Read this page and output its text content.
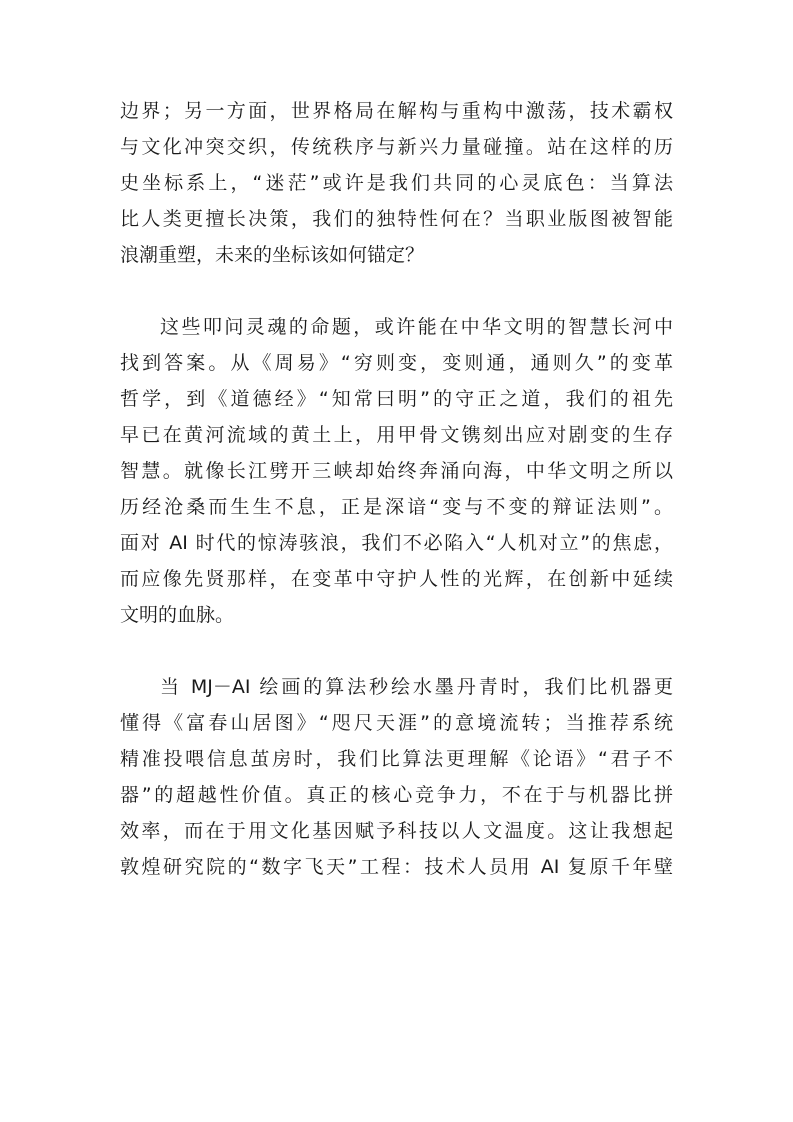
边界；另一方面，世界格局在解构与重构中激荡，技术霸权
与文化冲突交织，传统秩序与新兴力量碰撞。站在这样的历
史坐标系上，“迷茫”或许是我们共同的心灵底色：当算法
比人类更擅长决策，我们的独特性何在？当职业版图被智能
浪潮重塑，未来的坐标该如何锚定？

这些叩问灵魂的命题，或许能在中华文明的智慧长河中
找到答案。从《周易》“穷则变，变则通，通则久”的变革
哲学，到《道德经》“知常曰明”的守正之道，我们的祖先
早已在黄河流域的黄土上，用甲骨文镌刻出应对剧变的生存
智慧。就像长江劈开三峡却始终奔涌向海，中华文明之所以
历经沧桑而生生不息，正是深谙“变与不变的辩证法则”。
面对 AI 时代的惊涛骇浪，我们不必陷入“人机对立”的焦虑，
而应像先贤那样，在变革中守护人性的光辉，在创新中延续
文明的血脉。

当 MJ－AI 绘画的算法秒绘水墨丹青时，我们比机器更
懂得《富春山居图》“咫尺天涯”的意境流转；当推荐系统
精准投喂信息茧房时，我们比算法更理解《论语》“君子不
器”的超越性价值。真正的核心竞争力，不在于与机器比拼
效率，而在于用文化基因赋予科技以人文温度。这让我想起
敦煌研究院的“数字飞天”工程：技术人员用 AI 复原千年壁
